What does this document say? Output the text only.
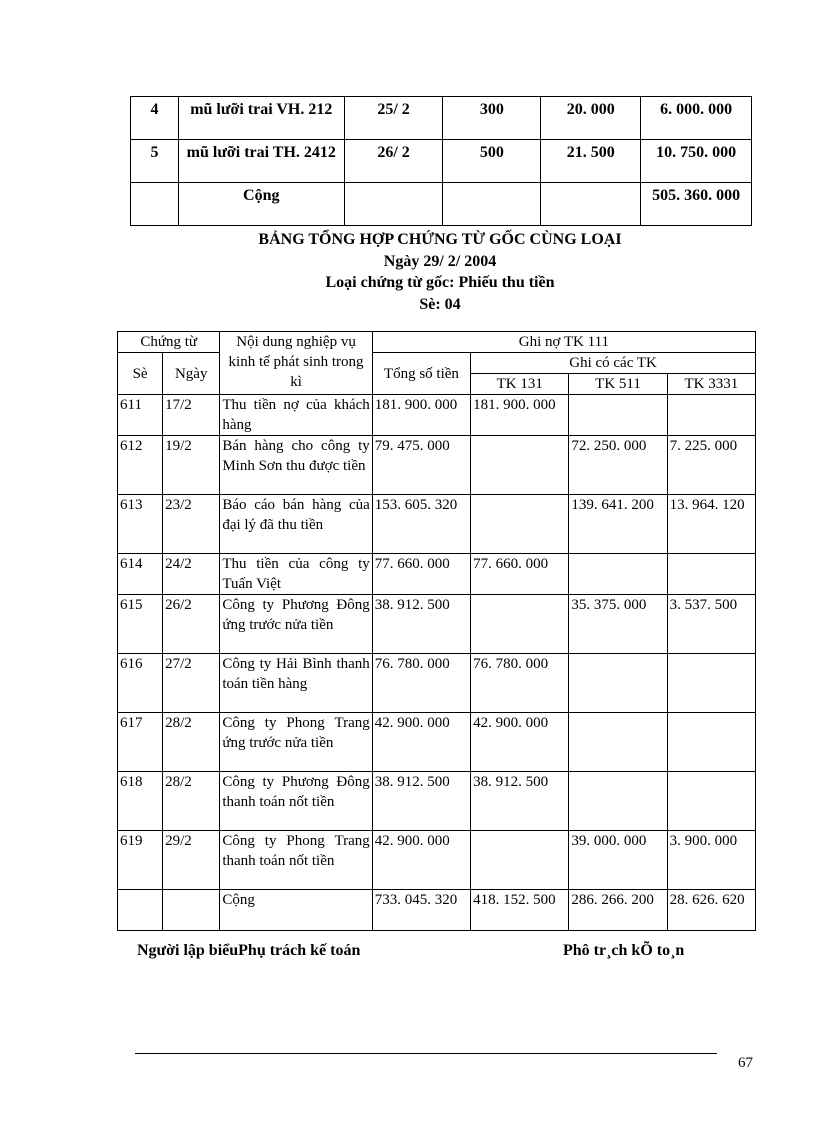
4	mũ lưỡi trai VH. 212	25/ 2	300	20. 000	6. 000. 000
5	mũ lưỡi trai TH. 2412	26/ 2	500	21. 500	10. 750. 000
	Cộng				505. 360. 000
BẢNG TỔNG HỢP CHỨNG TỪ GỐC CÙNG LOẠI
Ngày 29/ 2/ 2004
Loại chứng từ gốc: Phiếu thu tiền
Sè: 04
Chứng từ		Nội dung nghiệp vụ kinh tế phát sinh trong kì	Ghi nợ TK 111			
Sè	Ngày		Tổng số tiền	Ghi có các TK		
				TK 131	TK 511	TK 3331
611	17/2	Thu tiền nợ của khách hàng	181. 900. 000	181. 900. 000		
612	19/2	Bán hàng cho công ty Minh Sơn thu được tiền	79. 475. 000		72. 250. 000	7. 225. 000
613	23/2	Báo cáo bán hàng của đại lý đã thu tiền	153. 605. 320		139. 641. 200	13. 964. 120
614	24/2	Thu tiền của công ty Tuấn Việt	77. 660. 000	77. 660. 000		
615	26/2	Công ty Phương Đông ứng trước nửa tiền	38. 912. 500		35. 375. 000	3. 537. 500
616	27/2	Công ty Hải Bình thanh toán tiền hàng	76. 780. 000	76. 780. 000		
617	28/2	Công ty Phong Trang ứng trước nửa tiền	42. 900. 000	42. 900. 000		
618	28/2	Công ty Phương Đông thanh toán nốt tiền	38. 912. 500	38. 912. 500		
619	29/2	Công ty Phong Trang thanh toán nốt tiền	42. 900. 000		39. 000. 000	3. 900. 000
		Cộng	733. 045. 320	418. 152. 500	286. 266. 200	28. 626. 620
Người lập biểuPhụ trách kế toán	Phô tr¸ch kÕ to¸n
67
